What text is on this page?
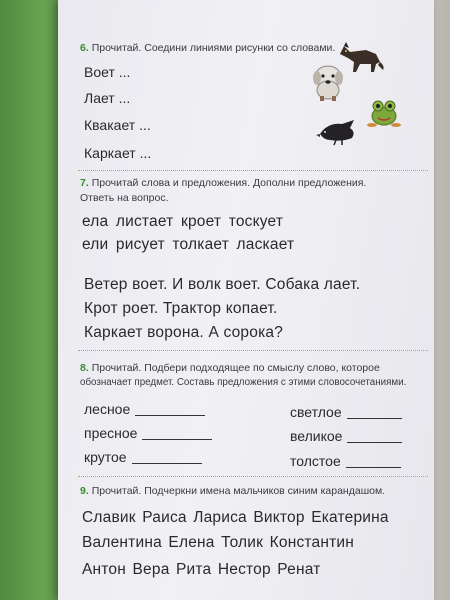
6. Прочитай. Соедини линиями рисунки со словами.
Воет ...
Лает ...
Квакает ...
Каркает ...
7. Прочитай слова и предложения. Дополни предложения.
Ответь на вопрос.
ела листает кроет тоскует
ели рисует толкает ласкает
Ветер воет. И волк воет. Собака лает.
Крот роет. Трактор копает.
Каркает ворона. А сорока?
8. Прочитай. Подбери подходящее по смыслу слово, которое
обозначает предмет. Составь предложения с этими словосочетаниями.
лесное
пресное
крутое
светлое
великое
толстое
9. Прочитай. Подчеркни имена мальчиков синим карандашом.
Славик Раиса Лариса Виктор Екатерина
Валентина Елена Толик Константин
Антон Вера Рита Нестор Ренат
